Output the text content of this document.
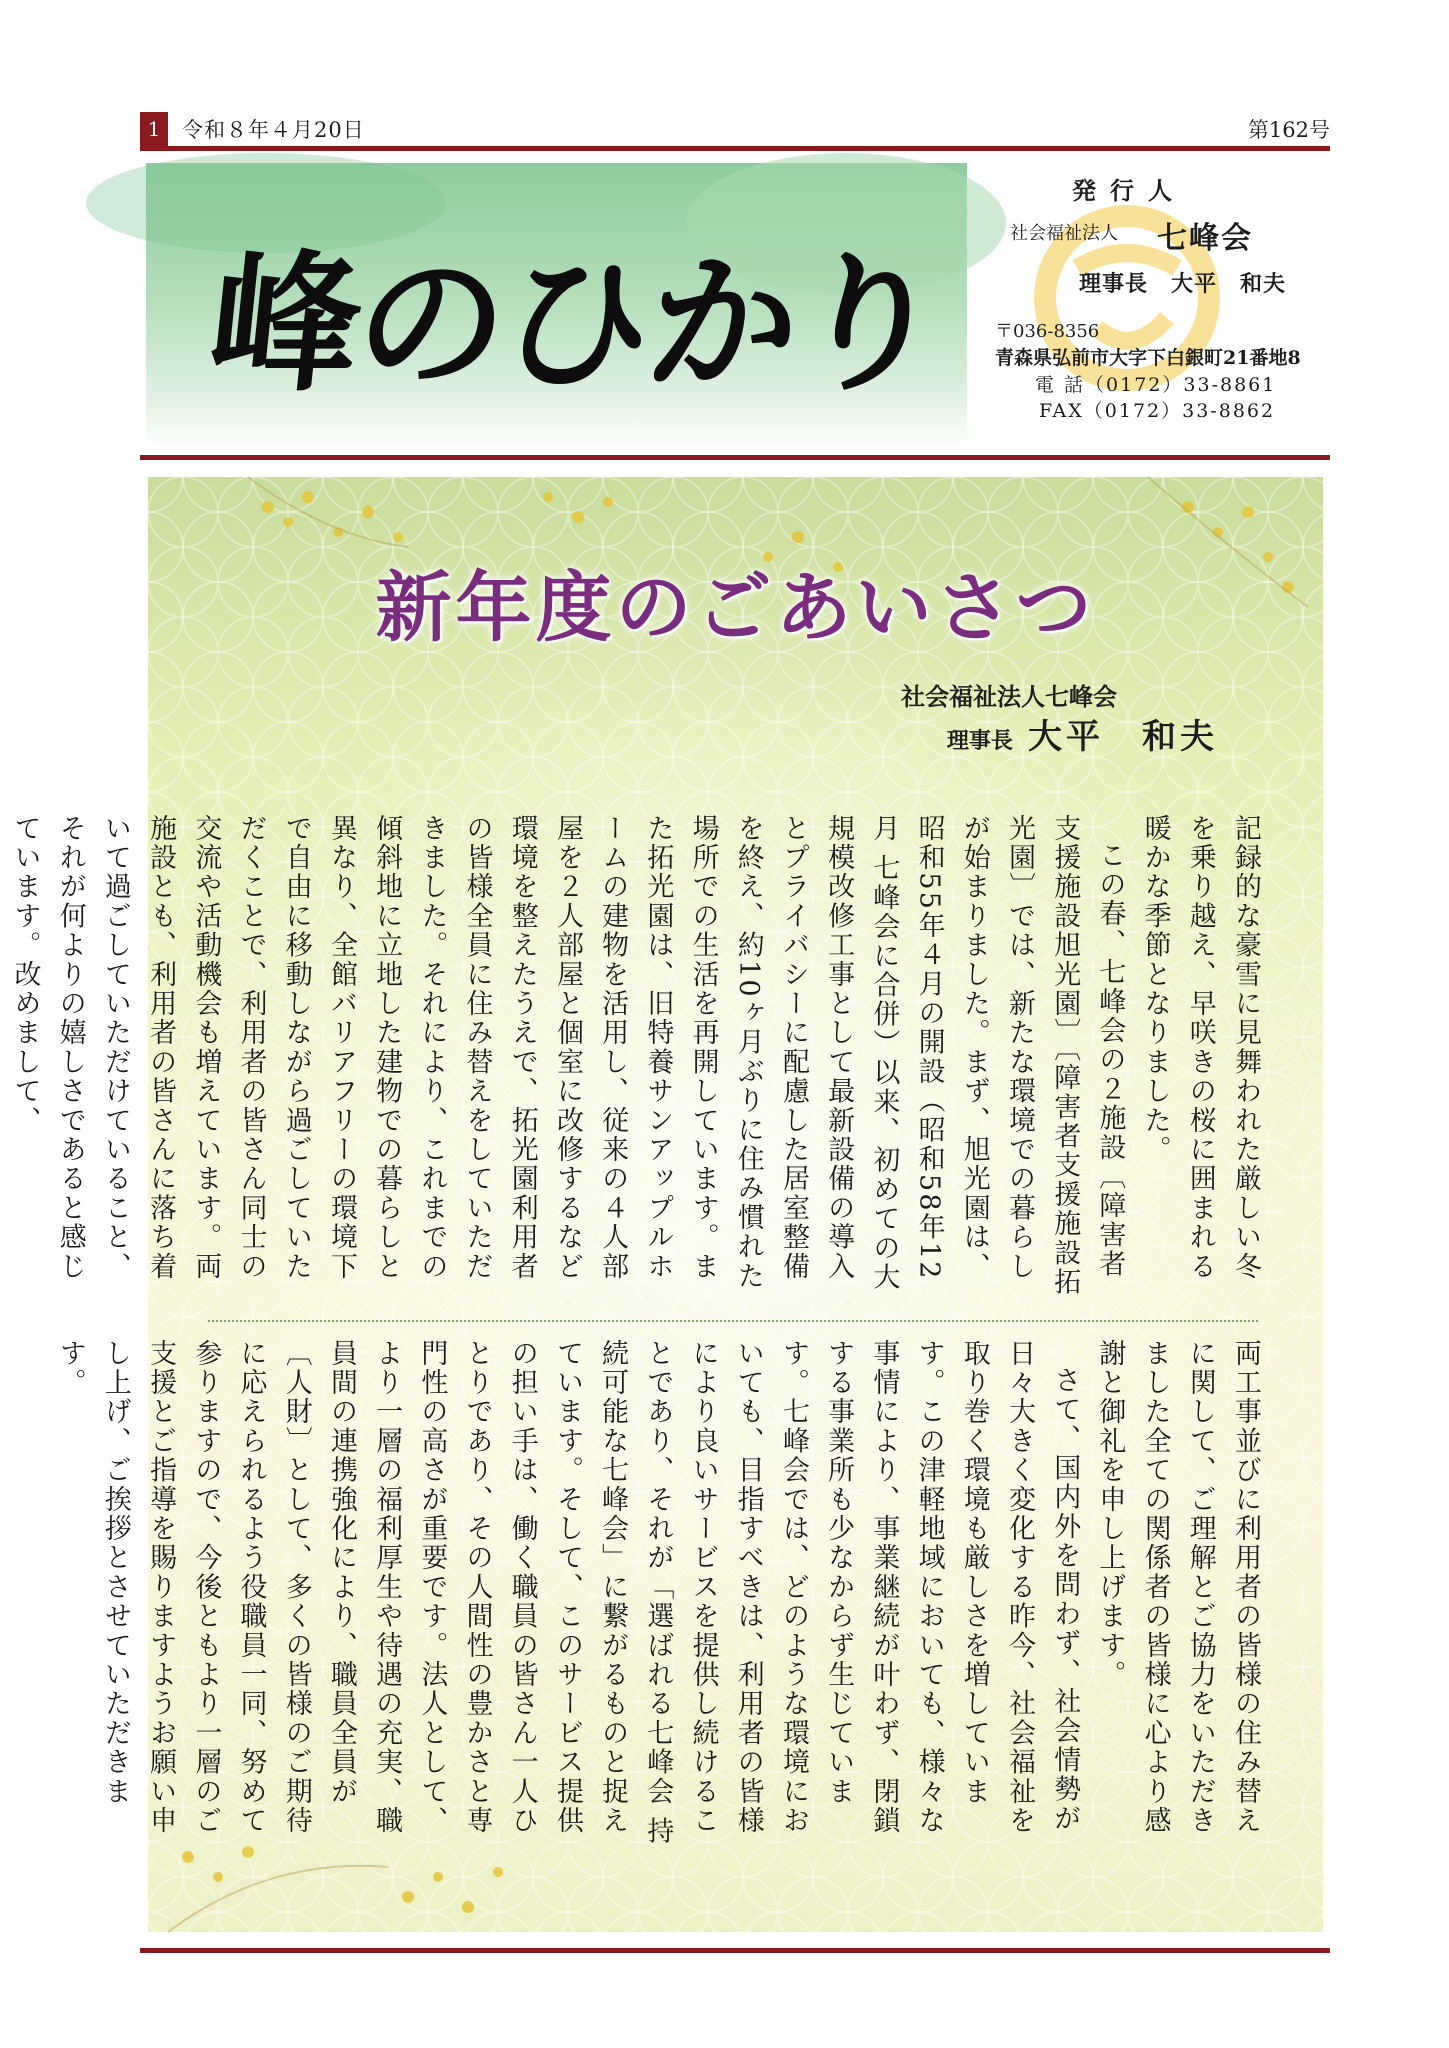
1	令和８年４月20日	第162号
峰のひかり
発行人
社会福祉法人 七峰会
理事長　大平　和夫
〒036-8356
青森県弘前市大字下白銀町21番地8
電 話（0172）33-8861
FAX（0172）33-8862
新年度のごあいさつ
社会福祉法人七峰会
理事長 大平　和夫

記録的な豪雪に見舞われた厳しい冬を乗り越え、早咲きの桜に囲まれる暖かな季節となりました。

この春、七峰会の２施設〔障害者支援施設旭光園〕〔障害者支援施設拓光園〕では、新たな環境での暮らしが始まりました。まず、旭光園は、昭和55年４月の開設（昭和58年12月 七峰会に合併）以来、初めての大規模改修工事として最新設備の導入とプライバシーに配慮した居室整備を終え、約10ヶ月ぶりに住み慣れた場所での生活を再開しています。また拓光園は、旧特養サンアップルホームの建物を活用し、従来の４人部屋を２人部屋と個室に改修するなど環境を整えたうえで、拓光園利用者の皆様全員に住み替えをしていただきました。それにより、これまでの傾斜地に立地した建物での暮らしと異なり、全館バリアフリーの環境下で自由に移動しながら過ごしていただくことで、利用者の皆さん同士の交流や活動機会も増えています。両施設とも、利用者の皆さんに落ち着いて過ごしていただけていること、それが何よりの嬉しさであると感じています。改めまして、

両工事並びに利用者の皆様の住み替えに関して、ご理解とご協力をいただきました全ての関係者の皆様に心より感謝と御礼を申し上げます。

さて、国内外を問わず、社会情勢が日々大きく変化する昨今、社会福祉を取り巻く環境も厳しさを増しています。この津軽地域においても、様々な事情により、事業継続が叶わず、閉鎖する事業所も少なからず生じています。七峰会では、どのような環境においても、目指すべきは、利用者の皆様により良いサービスを提供し続けることであり、それが「選ばれる七峰会 持続可能な七峰会」に繋がるものと捉えています。そして、このサービス提供の担い手は、働く職員の皆さん一人ひとりであり、その人間性の豊かさと専門性の高さが重要です。法人として、より一層の福利厚生や待遇の充実、職員間の連携強化により、職員全員が〔人財〕として、多くの皆様のご期待に応えられるよう役職員一同、努めて参りますので、今後ともより一層のご支援とご指導を賜りますようお願い申し上げ、ご挨拶とさせていただきます。
